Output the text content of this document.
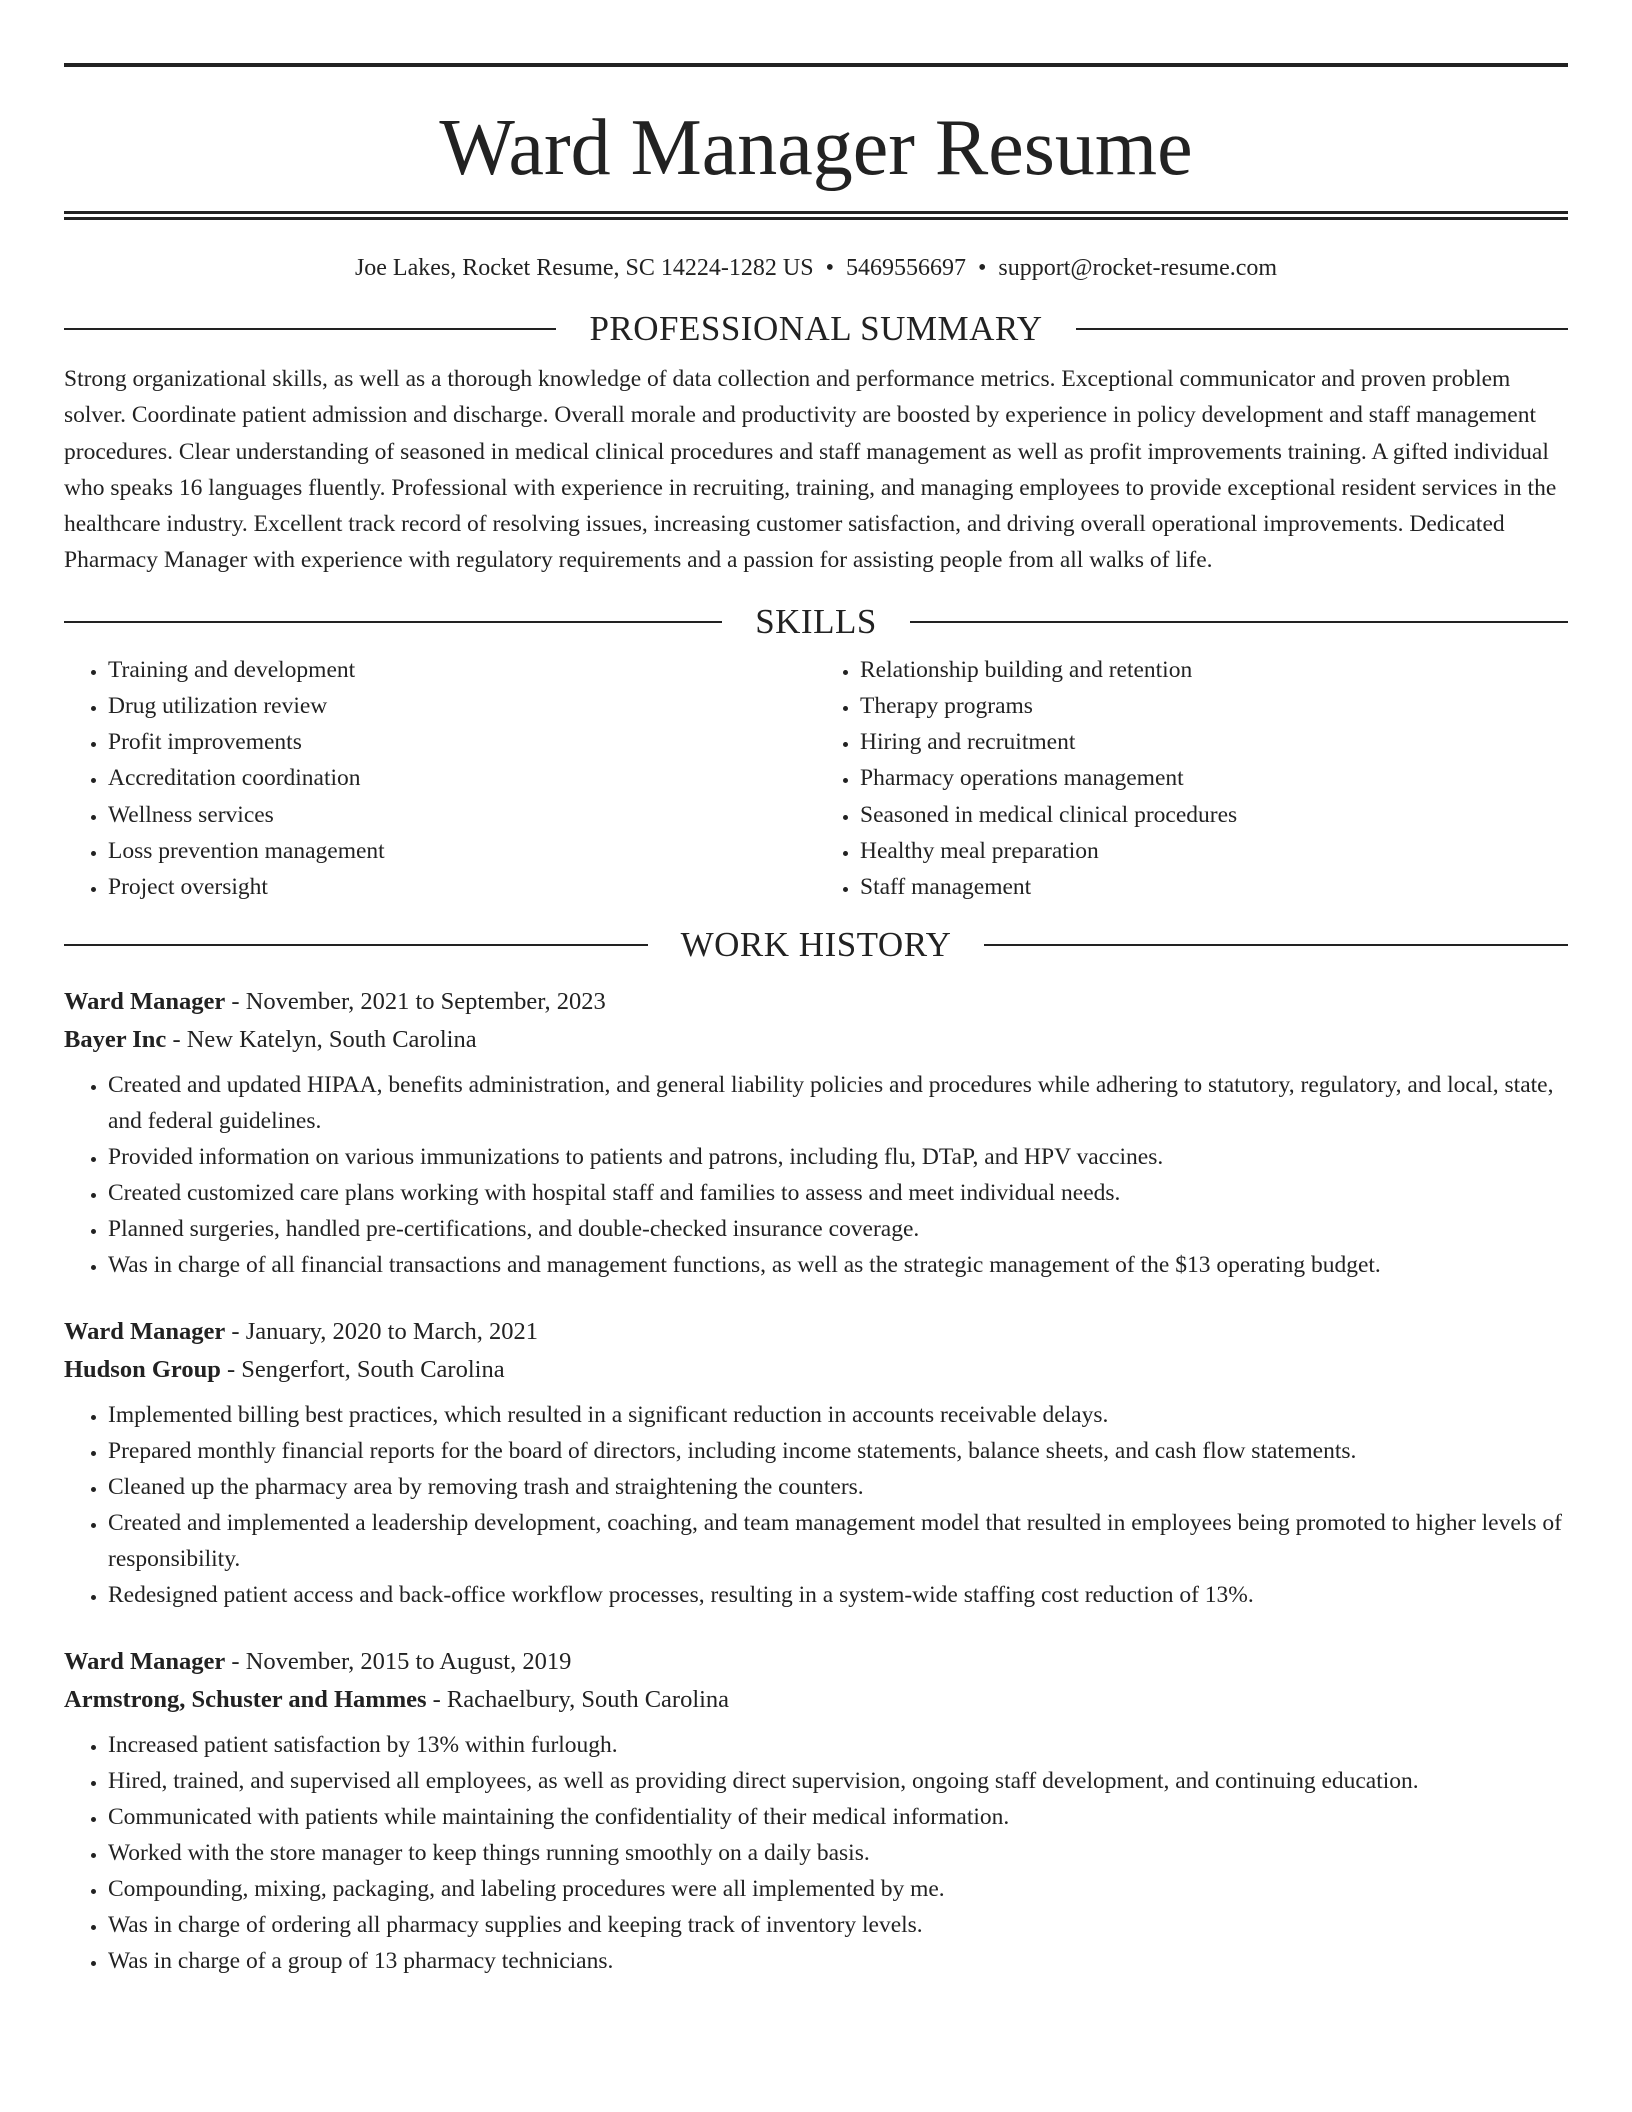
Ward Manager Resume
Joe Lakes, Rocket Resume, SC 14224-1282 US • 5469556697 • support@rocket-resume.com
PROFESSIONAL SUMMARY

Strong organizational skills, as well as a thorough knowledge of data collection and performance metrics. Exceptional communicator and proven problem solver. Coordinate patient admission and discharge. Overall morale and productivity are boosted by experience in policy development and staff management procedures. Clear understanding of seasoned in medical clinical procedures and staff management as well as profit improvements training. A gifted individual who speaks 16 languages fluently. Professional with experience in recruiting, training, and managing employees to provide exceptional resident services in the healthcare industry. Excellent track record of resolving issues, increasing customer satisfaction, and driving overall operational improvements. Dedicated Pharmacy Manager with experience with regulatory requirements and a passion for assisting people from all walks of life.

SKILLS
• Training and development
• Drug utilization review
• Profit improvements
• Accreditation coordination
• Wellness services
• Loss prevention management
• Project oversight
• Relationship building and retention
• Therapy programs
• Hiring and recruitment
• Pharmacy operations management
• Seasoned in medical clinical procedures
• Healthy meal preparation
• Staff management
WORK HISTORY
Ward Manager - November, 2021 to September, 2023
Bayer Inc - New Katelyn, South Carolina
• Created and updated HIPAA, benefits administration, and general liability policies and procedures while adhering to statutory, regulatory, and local, state, and federal guidelines.
• Provided information on various immunizations to patients and patrons, including flu, DTaP, and HPV vaccines.
• Created customized care plans working with hospital staff and families to assess and meet individual needs.
• Planned surgeries, handled pre-certifications, and double-checked insurance coverage.
• Was in charge of all financial transactions and management functions, as well as the strategic management of the $13 operating budget.
Ward Manager - January, 2020 to March, 2021
Hudson Group - Sengerfort, South Carolina
• Implemented billing best practices, which resulted in a significant reduction in accounts receivable delays.
• Prepared monthly financial reports for the board of directors, including income statements, balance sheets, and cash flow statements.
• Cleaned up the pharmacy area by removing trash and straightening the counters.
• Created and implemented a leadership development, coaching, and team management model that resulted in employees being promoted to higher levels of responsibility.
• Redesigned patient access and back-office workflow processes, resulting in a system-wide staffing cost reduction of 13%.
Ward Manager - November, 2015 to August, 2019
Armstrong, Schuster and Hammes - Rachaelbury, South Carolina
• Increased patient satisfaction by 13% within furlough.
• Hired, trained, and supervised all employees, as well as providing direct supervision, ongoing staff development, and continuing education.
• Communicated with patients while maintaining the confidentiality of their medical information.
• Worked with the store manager to keep things running smoothly on a daily basis.
• Compounding, mixing, packaging, and labeling procedures were all implemented by me.
• Was in charge of ordering all pharmacy supplies and keeping track of inventory levels.
• Was in charge of a group of 13 pharmacy technicians.
